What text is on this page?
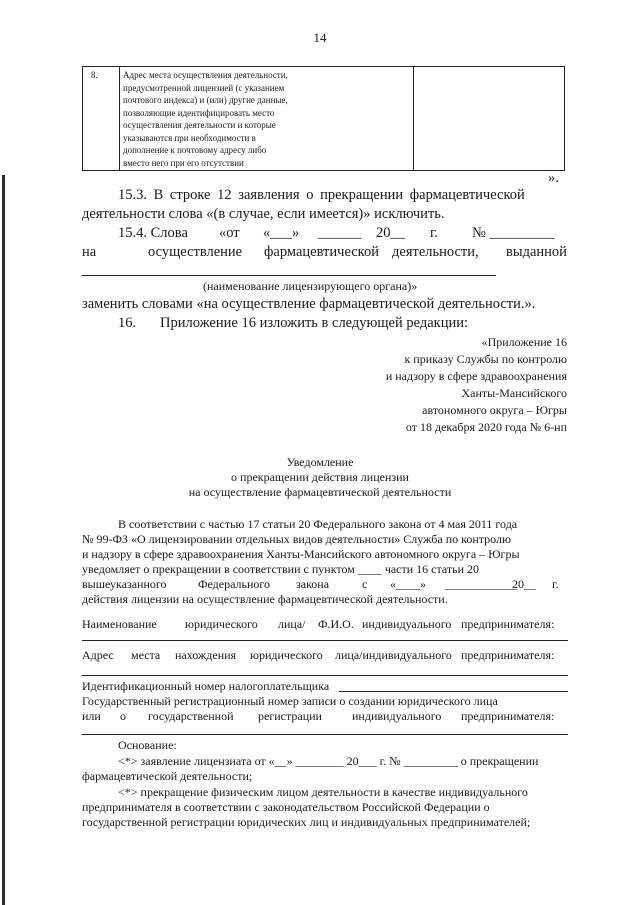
14
8.	Адрес места осуществления деятельности,
предусмотренной лицензией (с указанием
почтового индекса) и (или) другие данные,
позволяющие идентифицировать место
осуществления деятельности и которые
указываются при необходимости в
дополнение к почтовому адресу либо
вместо него при его отсутствии
».
15.3. В строке 12 заявления о прекращении фармацевтической
деятельности слова «(в случае, если имеется)» исключить.
15.4. Слова «от «___» ______ 20__ г. № _________
на	осуществление фармацевтической деятельности, выданной
(наименование лицензирующего органа)»
заменить словами «на осуществление фармацевтической деятельности.».
16. Приложение 16 изложить в следующей редакции:
«Приложение 16
к приказу Службы по контролю
и надзору в сфере здравоохранения
Ханты-Мансийского
автономного округа – Югры
от 18 декабря 2020 года № 6-нп
Уведомление
о прекращении действия лицензии
на осуществление фармацевтической деятельности
В соответствии с частью 17 статьи 20 Федерального закона от 4 мая 2011 года
№ 99-ФЗ «О лицензировании отдельных видов деятельности» Служба по контролю
и надзору в сфере здравоохранения Ханты-Мансийского автономного округа – Югры
уведомляет о прекращении в соответствии с пунктом ____ части 16 статьи 20
вышеуказанного	Федерального закона	с «____» ____________
20__ г.
действия лицензии на осуществление фармацевтической деятельности.
Наименование юридического лица/ Ф.И.О. индивидуального предпринимателя:
Адрес места нахождения юридического лица/индивидуального предпринимателя:
Идентификационный номер налогоплательщика
Государственный регистрационный номер записи о создании юридического лица
или о государственной регистрации	индивидуального предпринимателя:
Основание:
<*> заявление лицензиата от «__» ________ 20___ г. № _________ о прекращении
фармацевтической деятельности;
<*> прекращение физическим лицом деятельности в качестве индивидуального
предпринимателя в соответствии с законодательством Российской Федерации о
государственной регистрации юридических лиц и индивидуальных предпринимателей;
